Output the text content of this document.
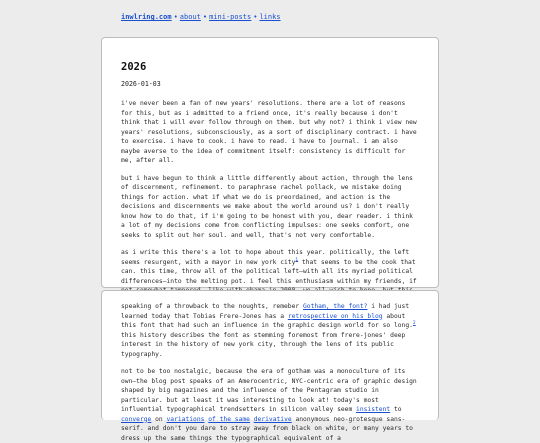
inwlring.com • about • mini-posts • links
2026
2026-01-03

i've never been a fan of new years' resolutions. there are a lot of reasons for this, but as i admitted to a friend once, it's really because i don't think that i will ever follow through on them. but why not? i think i view new years' resolutions, subconsciously, as a sort of disciplinary contract. i have to exercise. i have to cook. i have to read. i have to journal. i am also maybe averse to the idea of commitment itself: consistency is difficult for me, after all.

but i have begun to think a little differently about action, through the lens of discernment, refinement. to paraphrase rachel pollack, we mistake doing things for action. what if what we do is preordained, and action is the decisions and discernments we make about the world around us? i don't really know how to do that, if i'm going to be honest with you, dear reader. i think a lot of my decisions come from conflicting impulses: one seeks comfort, one seeks to split out her soul. and well, that's not very comfortable.

as i write this there's a lot to hope about this year. politically, the left seems resurgent, with a mayor in new york city$^1$ that seems to be the cook that can. this time, throw all of the political left—with all its myriad political differences—into the melting pot. i feel this enthusiasm within my friends, if

speaking of a throwback to the noughts, remeber Gotham, the font? i had just learned today that Tobias Frere-Jones has a retrospective on his blog about this font that had such an influence in the graphic design world for so long.$^2$ this history describes the font as stemming foremost from frere-jones' deep interest in the history of new york city, through the lens of its public typography.

not to be too nostalgic, because the era of gotham was a monoculture of its own—the blog post speaks of an Amerocentric, NYC-centric era of graphic design shaped by big magazines and the influence of the Pentagram studio in particular. but at least it was interesting to look at! today's most influential typographical trendsetters in silicon valley seem insistent to converge on variations of the same derivative anonymous neo-grotesque sans-serif. and don't you dare to stray away from black on white, or many years to dress up the same things the typographical equivalent of a
